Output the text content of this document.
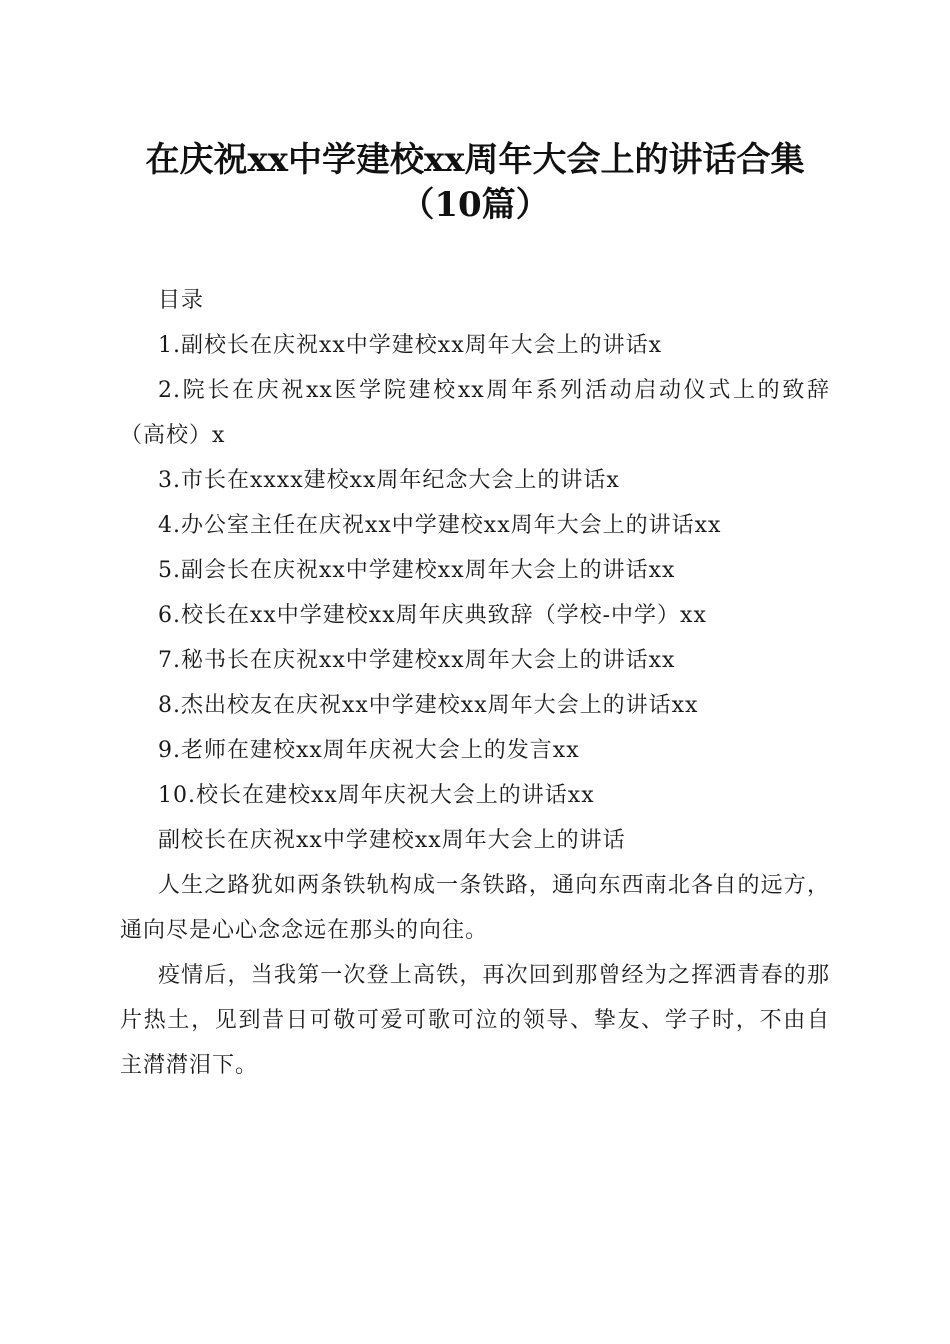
在庆祝xx中学建校xx周年大会上的讲话合集
（10篇）

目录

1.副校长在庆祝xx中学建校xx周年大会上的讲话x

2.院长在庆祝xx医学院建校xx周年系列活动启动仪式上的致辞（高校）x

3.市长在xxxx建校xx周年纪念大会上的讲话x

4.办公室主任在庆祝xx中学建校xx周年大会上的讲话xx

5.副会长在庆祝xx中学建校xx周年大会上的讲话xx

6.校长在xx中学建校xx周年庆典致辞（学校-中学）xx

7.秘书长在庆祝xx中学建校xx周年大会上的讲话xx

8.杰出校友在庆祝xx中学建校xx周年大会上的讲话xx

9.老师在建校xx周年庆祝大会上的发言xx

10.校长在建校xx周年庆祝大会上的讲话xx

副校长在庆祝xx中学建校xx周年大会上的讲话

人生之路犹如两条铁轨构成一条铁路，通向东西南北各自的远方，通向尽是心心念念远在那头的向往。

疫情后，当我第一次登上高铁，再次回到那曾经为之挥洒青春的那片热土，见到昔日可敬可爱可歌可泣的领导、挚友、学子时，不由自主潸潸泪下。
